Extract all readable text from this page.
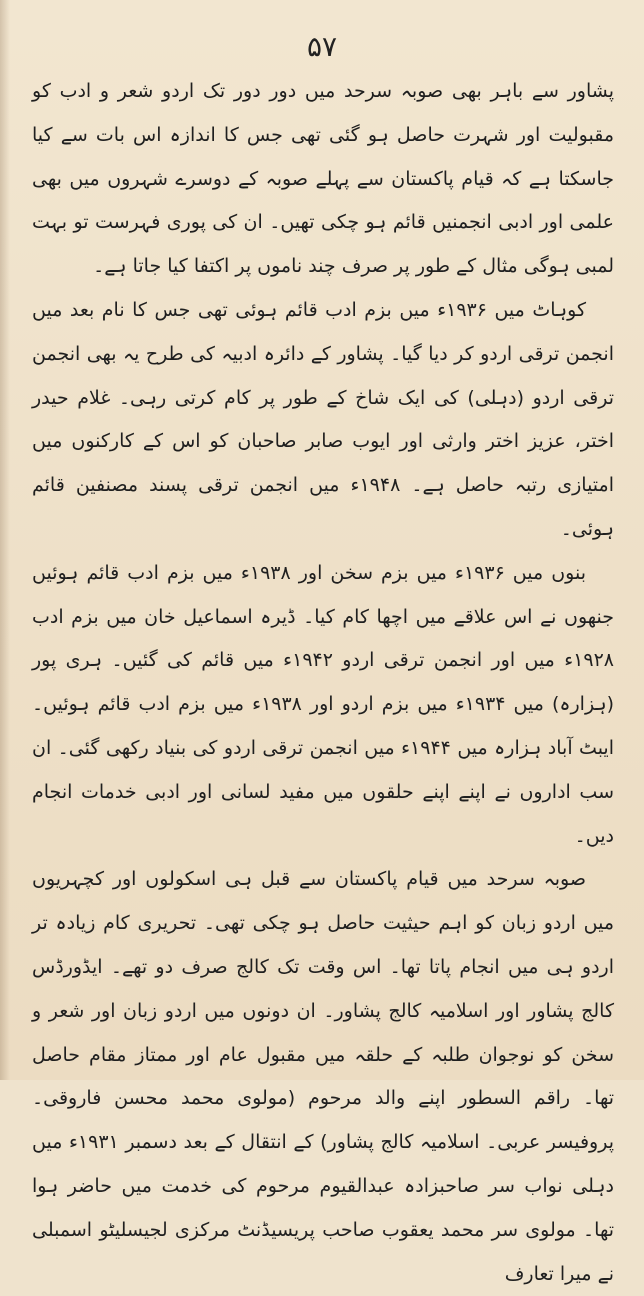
۵۷

پشاور سے باہر بھی صوبہ سرحد میں دور دور تک اردو شعر و ادب کو مقبولیت اور شہرت حاصل ہو گئی تھی جس کا اندازہ اس بات سے کیا جاسکتا ہے کہ قیام پاکستان سے پہلے صوبہ کے دوسرے شہروں میں بھی علمی اور ادبی انجمنیں قائم ہو چکی تھیں۔ ان کی پوری فہرست تو بہت لمبی ہوگی مثال کے طور پر صرف چند ناموں پر اکتفا کیا جاتا ہے۔

کوہاٹ میں ۱۹۳۶ء میں بزم ادب قائم ہوئی تھی جس کا نام بعد میں انجمن ترقی اردو کر دیا گیا۔ پشاور کے دائرہ ادبیہ کی طرح یہ بھی انجمن ترقی اردو (دہلی) کی ایک شاخ کے طور پر کام کرتی رہی۔ غلام حیدر اختر، عزیز اختر وارثی اور ایوب صابر صاحبان کو اس کے کارکنوں میں امتیازی رتبہ حاصل ہے۔ ۱۹۴۸ء میں انجمن ترقی پسند مصنفین قائم ہوئی۔

بنوں میں ۱۹۳۶ء میں بزم سخن اور ۱۹۳۸ء میں بزم ادب قائم ہوئیں جنھوں نے اس علاقے میں اچھا کام کیا۔ ڈیرہ اسماعیل خان میں بزم ادب ۱۹۲۸ء میں اور انجمن ترقی اردو ۱۹۴۲ء میں قائم کی گئیں۔ ہری پور (ہزارہ) میں ۱۹۳۴ء میں بزم اردو اور ۱۹۳۸ء میں بزم ادب قائم ہوئیں۔ ایبٹ آباد ہزارہ میں ۱۹۴۴ء میں انجمن ترقی اردو کی بنیاد رکھی گئی۔ ان سب اداروں نے اپنے اپنے حلقوں میں مفید لسانی اور ادبی خدمات انجام دیں۔

صوبہ سرحد میں قیام پاکستان سے قبل ہی اسکولوں اور کچہریوں میں اردو زبان کو اہم حیثیت حاصل ہو چکی تھی۔ تحریری کام زیادہ تر اردو ہی میں انجام پاتا تھا۔ اس وقت تک کالج صرف دو تھے۔ ایڈورڈس کالج پشاور اور اسلامیہ کالج پشاور۔ ان دونوں میں اردو زبان اور شعر و سخن کو نوجوان طلبہ کے حلقہ میں مقبول عام اور ممتاز مقام حاصل تھا۔ راقم السطور اپنے والد مرحوم (مولوی محمد محسن فاروقی۔ پروفیسر عربی۔ اسلامیہ کالج پشاور) کے انتقال کے بعد دسمبر ۱۹۳۱ء میں دہلی نواب سر صاحبزادہ عبدالقیوم مرحوم کی خدمت میں حاضر ہوا تھا۔ مولوی سر محمد یعقوب صاحب پریسیڈنٹ مرکزی لجیسلیٹو اسمبلی نے میرا تعارف
